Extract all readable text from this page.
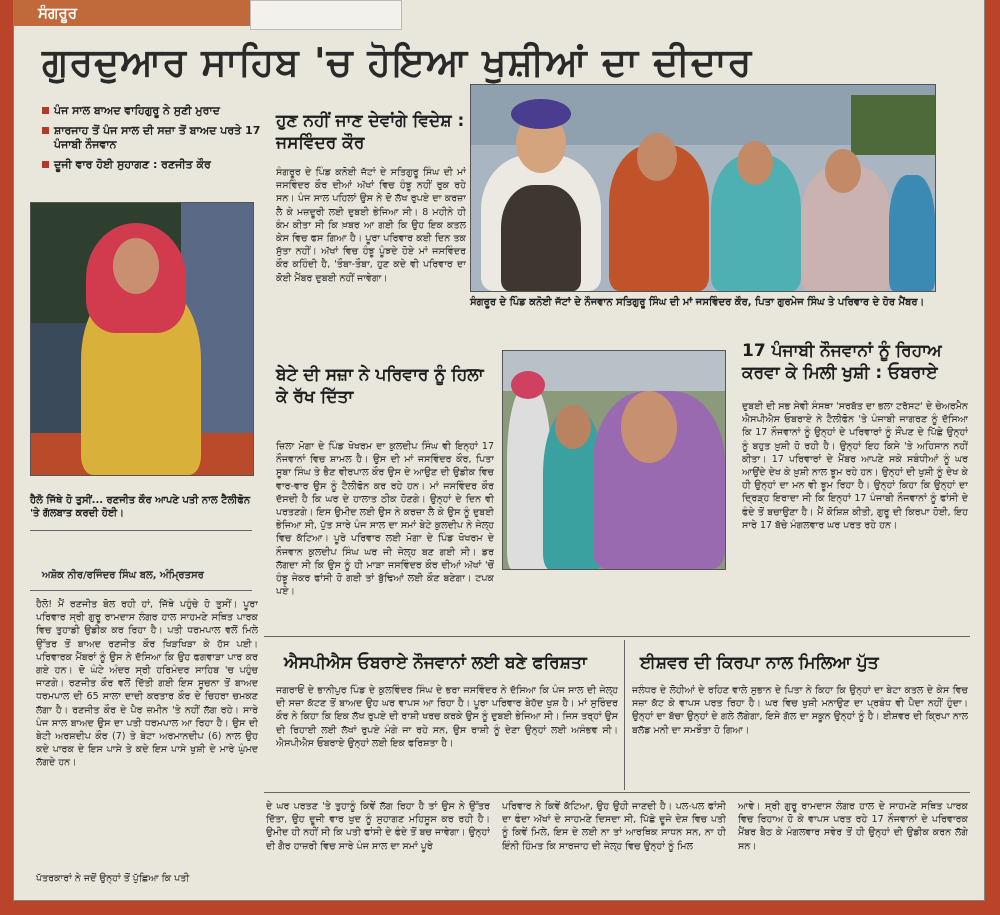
ਸੰਗਰੂਰ
ਗੁਰਦੁਆਰ ਸਾਹਿਬ 'ਚ ਹੋਇਆ ਖੁਸ਼ੀਆਂ ਦਾ ਦੀਦਾਰ
ਪੰਜ ਸਾਲ ਬਾਅਦ ਵਾਹਿਗੁਰੂ ਨੇ ਸੁਣੀ ਮੁਰਾਦ
ਸ਼ਾਰਜਾਹ ਤੋਂ ਪੰਜ ਸਾਲ ਦੀ ਸਜ਼ਾ ਤੋਂ ਬਾਅਦ ਪਰਤੇ 17 ਪੰਜਾਬੀ ਨੌਜਵਾਨ
ਦੂਜੀ ਵਾਰ ਹੋਈ ਸੁਹਾਗਣ : ਰਣਜੀਤ ਕੌਰ
ਹੈਲੋ ਜਿੱਥੇ ਹੋ ਤੁਸੀਂ... ਰਣਜੀਤ ਕੌਰ ਆਪਣੇ ਪਤੀ ਨਾਲ ਟੈਲੀਫੋਨ 'ਤੇ ਗੱਲਬਾਤ ਕਰਦੀ ਹੋਈ।
ਅਸ਼ੋਕ ਨੀਰ/ਰਜਿੰਦਰ ਸਿੰਘ ਬਲ, ਅੰਮ੍ਰਿਤਸਰ
ਹੈਲੋ! ਮੈਂ ਰਣਜੀਤ ਬੋਲ ਰਹੀ ਹਾਂ, ਜਿੱਥੇ ਪਹੁੰਚੇ ਹੋ ਤੁਸੀਂ। ਪੂਰਾ ਪਰਿਵਾਰ ਸ੍ਰੀ ਗੁਰੂ ਰਾਮਦਾਸ ਲੰਗਰ ਹਾਲ ਸਾਹਮਣੇ ਸਥਿਤ ਪਾਰਕ ਵਿਚ ਤੁਹਾਡੀ ਉਡੀਕ ਕਰ ਰਿਹਾ ਹੈ। ਪਤੀ ਧਰਮਪਾਲ ਵਲੋਂ ਮਿਲੇ ਉੱਤਰ ਤੋਂ ਬਾਅਦ ਰਣਜੀਤ ਕੌਰ ਖਿੜਖਿੜਾ ਕੇ ਹੱਸ ਪਈ। ਪਰਿਵਾਰਕ ਮੈਂਬਰਾਂ ਨੂੰ ਉਸ ਨੇ ਦੱਸਿਆ ਕਿ ਉਹ ਫਗਵਾੜਾ ਪਾਰ ਕਰ ਗਏ ਹਨ। ਦੋ ਘੰਟੇ ਅੰਦਰ ਸ੍ਰੀ ਹਰਿਮੰਦਰ ਸਾਹਿਬ 'ਚ ਪਹੁੰਚ ਜਾਣਗੇ। ਰਣਜੀਤ ਕੌਰ ਵਲੋਂ ਦਿੱਤੀ ਗਈ ਇਸ ਸੂਚਨਾ ਤੋਂ ਬਾਅਦ ਧਰਮਪਾਲ ਦੀ 65 ਸਾਲਾ ਦਾਦੀ ਕਰਤਾਰ ਕੌਰ ਦੇ ਚਿਹਰਾ ਚਮਕਣ ਲੱਗਾ ਹੈ। ਰਣਜੀਤ ਕੌਰ ਦੇ ਪੈਰ ਜ਼ਮੀਨ 'ਤੇ ਨਹੀਂ ਲੱਗ ਰਹੇ। ਸਾਰੇ ਪੰਜ ਸਾਲ ਬਾਅਦ ਉਸ ਦਾ ਪਤੀ ਧਰਮਪਾਲ ਆ ਰਿਹਾ ਹੈ। ਉਸ ਦੀ ਬੇਟੀ ਅਰਸ਼ਦੀਪ ਕੌਰ (7) ਤੇ ਬੇਟਾ ਅਰਮਾਨਦੀਪ (6) ਨਾਲ ਉਹ ਕਦੇ ਪਾਰਕ ਦੇ ਇਸ ਪਾਸੇ ਤੇ ਕਦੇ ਇਸ ਪਾਸੇ ਖੁਸ਼ੀ ਦੇ ਮਾਰੇ ਘੁੰਮਦ ਲੱਗਦੇ ਹਨ।
ਪੱਤਰਕਾਰਾਂ ਨੇ ਜਦੋਂ ਉਨ੍ਹਾਂ ਤੋਂ ਪੁੱਛਿਆ ਕਿ ਪਤੀ
ਹੁਣ ਨਹੀਂ ਜਾਣ ਦੇਵਾਂਗੇ ਵਿਦੇਸ਼ : ਜਸਵਿੰਦਰ ਕੌਰ
ਸੰਗਰੂਰ ਦੇ ਪਿੰਡ ਕਨੋਈ ਜੱਟਾਂ ਦੇ ਸਤਿਗੁਰੂ ਸਿੰਘ ਦੀ ਮਾਂ ਜਸਵਿੰਦਰ ਕੌਰ ਦੀਆਂ ਅੱਖਾਂ ਵਿਚ ਹੰਝੂ ਨਹੀਂ ਰੁਕ ਰਹੇ ਸਨ। ਪੰਜ ਸਾਲ ਪਹਿਲਾਂ ਉਸ ਨੇ ਦੋ ਲੱਖ ਰੁਪਏ ਦਾ ਕਰਜ਼ਾ ਲੈ ਕੇ ਮਜ਼ਦੂਰੀ ਲਈ ਦੁਬਈ ਭੇਜਿਆ ਸੀ। 8 ਮਹੀਨੇ ਹੀ ਕੰਮ ਕੀਤਾ ਸੀ ਕਿ ਖ਼ਬਰ ਆ ਗਈ ਕਿ ਉਹ ਇਕ ਕਤਲ ਕੇਸ ਵਿਚ ਫਸ ਗਿਆ ਹੈ। ਪੂਰਾ ਪਰਿਵਾਰ ਕਈ ਦਿਨ ਤਕ ਸੁੱਤਾ ਨਹੀਂ। ਅੱਖਾਂ ਵਿਚ ਹੰਝੂ ਪੂੰਝਦੇ ਹੋਏ ਮਾਂ ਜਸਵਿੰਦਰ ਕੌਰ ਕਹਿੰਦੀ ਹੈ, 'ਤੌਬਾ-ਤੌਬਾ, ਹੁਣ ਕਦੇ ਵੀ ਪਰਿਵਾਰ ਦਾ ਕੋਈ ਮੈਂਬਰ ਦੁਬਈ ਨਹੀਂ ਜਾਵੇਗਾ।
ਸੰਗਰੂਰ ਦੇ ਪਿੰਡ ਕਨੋਈ ਜੱਟਾਂ ਦੇ ਨੌਜਵਾਨ ਸਤਿਗੁਰੂ ਸਿੰਘ ਦੀ ਮਾਂ ਜਸਵਿੰਦਰ ਕੌਰ, ਪਿਤਾ ਗੁਰਮੇਜ ਸਿੰਘ ਤੇ ਪਰਿਵਾਰ ਦੇ ਹੋਰ ਮੈਂਬਰ।
ਬੇਟੇ ਦੀ ਸਜ਼ਾ ਨੇ ਪਰਿਵਾਰ ਨੂੰ ਹਿਲਾ ਕੇ ਰੱਖ ਦਿੱਤਾ
ਜ਼ਿਲਾ ਮੋਗਾ ਦੇ ਪਿੰਡ ਖੋਖਰਮ ਦਾ ਕੁਲਦੀਪ ਸਿੰਘ ਵੀ ਇਨ੍ਹਾਂ 17 ਨੌਜਵਾਨਾਂ ਵਿਚ ਸ਼ਾਮਲ ਹੈ। ਉਸ ਦੀ ਮਾਂ ਜਸਵਿੰਦਰ ਕੌਰ, ਪਿਤਾ ਸੂਬਾ ਸਿੰਘ ਤੇ ਭੈਣ ਵੀਰਪਾਲ ਕੌਰ ਉਸ ਦੇ ਆਉਣ ਦੀ ਉਡੀਕ ਵਿਚ ਵਾਰ-ਵਾਰ ਉਸ ਨੂੰ ਟੈਲੀਫੋਨ ਕਰ ਰਹੇ ਹਨ। ਮਾਂ ਜਸਵਿੰਦਰ ਕੌਰ ਦੱਸਦੀ ਹੈ ਕਿ ਘਰ ਦੇ ਹਾਲਾਤ ਠੀਕ ਹੋਣਗੇ। ਉਨ੍ਹਾਂ ਦੇ ਦਿਨ ਵੀ ਪਰਤਣਗੇ। ਇਸ ਉਮੀਦ ਲਈ ਉਸ ਨੇ ਕਰਜ਼ਾ ਲੈ ਕੇ ਉਸ ਨੂੰ ਦੁਬਈ ਭੇਜਿਆ ਸੀ, ਪੁੱਤ ਸਾਰੇ ਪੰਜ ਸਾਲ ਦਾ ਸਮਾਂ ਬੇਟੇ ਕੁਲਦੀਪ ਨੇ ਜੇਲ੍ਹ ਵਿਚ ਕੱਟਿਆ। ਪੂਰੇ ਪਰਿਵਾਰ ਲਈ ਮੋਗਾ ਦੇ ਪਿੰਡ ਖੋਖਰਮ ਦੇ ਨੌਜਵਾਨ ਕੁਲਦੀਪ ਸਿੰਘ ਘਰ ਜੀ ਜੇਲ੍ਹ ਬਣ ਗਈ ਸੀ। ਡਰ ਲੱਗਦਾ ਸੀ ਕਿ ਉਸ ਨੂੰ ਹੀ ਮਾੜਾ ਜਸਵਿੰਦਰ ਕੌਰ ਦੀਆਂ ਅੱਖਾਂ 'ਚੋਂ ਹੰਝੂ ਜੇਕਰ ਫਾਂਸੀ ਹੋ ਗਈ ਤਾਂ ਬੁੱਢਿਆਂ ਲਈ ਕੌਣ ਬਣੇਗਾ। ਟਪਕ ਪਏ।
17 ਪੰਜਾਬੀ ਨੌਜਵਾਨਾਂ ਨੂੰ ਰਿਹਾਅ ਕਰਵਾ ਕੇ ਮਿਲੀ ਖੁਸ਼ੀ : ਓਬਰਾਏ
ਦੁਬਈ ਦੀ ਸਭ ਸੇਵੀ ਸੰਸਥਾ 'ਸਰਬੱਤ ਦਾ ਭਲਾ ਟਰੱਸਟ' ਦੇ ਚੇਅਰਮੈਨ ਐਸਪੀਐਸ ਓਬਰਾਏ ਨੇ ਟੈਲੀਫੋਨ 'ਤੇ ਪੰਜਾਬੀ ਜਾਗਰਣ ਨੂੰ ਦੱਸਿਆ ਕਿ 17 ਨੌਜਵਾਨਾਂ ਨੂੰ ਉਨ੍ਹਾਂ ਦੇ ਪਰਿਵਾਰਾਂ ਨੂੰ ਸੌਂਪਣ ਦੇ ਪਿੱਛੇ ਉਨ੍ਹਾਂ ਨੂੰ ਬਹੁਤ ਖ਼ੁਸ਼ੀ ਹੋ ਰਹੀ ਹੈ। ਉਨ੍ਹਾਂ ਇਹ ਕਿਸੇ 'ਤੇ ਅਹਿਸਾਨ ਨਹੀਂ ਕੀਤਾ। 17 ਪਰਿਵਾਰਾਂ ਦੇ ਮੈਂਬਰ ਆਪਣੇ ਸਕੇ ਸਬੰਧੀਆਂ ਨੂੰ ਘਰ ਆਉਂਦੇ ਦੇਖ ਕੇ ਖ਼ੁਸ਼ੀ ਨਾਲ ਝੂਮ ਰਹੇ ਹਨ। ਉਨ੍ਹਾਂ ਦੀ ਖੁਸ਼ੀ ਨੂੰ ਦੇਖ ਕੇ ਹੀ ਉਨ੍ਹਾਂ ਦਾ ਮਨ ਵੀ ਝੂਮ ਰਿਹਾ ਹੈ। ਉਨ੍ਹਾਂ ਕਿਹਾ ਕਿ ਉਨ੍ਹਾਂ ਦਾ ਦ੍ਰਿੜ੍ਹ ਇਰਾਦਾ ਸੀ ਕਿ ਇਨ੍ਹਾਂ 17 ਪੰਜਾਬੀ ਨੌਜਵਾਨਾਂ ਨੂੰ ਫਾਂਸੀ ਦੇ ਫੰਦੇ ਤੋਂ ਬਚਾਉਣਾ ਹੈ। ਮੈਂ ਕੋਸ਼ਿਸ਼ ਕੀਤੀ, ਗੁਰੂ ਦੀ ਕਿਰਪਾ ਹੋਈ, ਇਹ ਸਾਰੇ 17 ਬੱਚੇ ਮੰਗਲਵਾਰ ਘਰ ਪਰਤ ਰਹੇ ਹਨ।
ਐਸਪੀਐਸ ਓਬਰਾਏ ਨੌਜਵਾਨਾਂ ਲਈ ਬਣੇ ਫਰਿਸ਼ਤਾ
ਜਗਰਾਓਂ ਦੇ ਭਾਨੀਪੁਰ ਪਿੰਡ ਦੇ ਕੁਲਵਿੰਦਰ ਸਿੰਘ ਦੇ ਭਰਾ ਜਸਵਿੰਦਰ ਨੇ ਦੱਸਿਆ ਕਿ ਪੰਜ ਸਾਲ ਦੀ ਜੇਲ੍ਹ ਦੀ ਸਜ਼ਾ ਕੱਟਣ ਤੋਂ ਬਾਅਦ ਉਹ ਘਰ ਵਾਪਸ ਆ ਰਿਹਾ ਹੈ। ਪੂਰਾ ਪਰਿਵਾਰ ਬੇਹੱਦ ਖੁਸ਼ ਹੈ। ਮਾਂ ਸੁਰਿੰਦਰ ਕੌਰ ਨੇ ਕਿਹਾ ਕਿ ਇਕ ਲੱਖ ਰੁਪਏ ਦੀ ਰਾਸ਼ੀ ਖਰਚ ਕਰਕੇ ਉਸ ਨੂੰ ਦੁਬਈ ਭੇਜਿਆ ਸੀ। ਜਿਸ ਤਰ੍ਹਾਂ ਉਸ ਦੀ ਰਿਹਾਈ ਲਈ ਲੱਖਾਂ ਰੁਪਏ ਮੰਗੇ ਜਾ ਰਹੇ ਸਨ, ਉਸ ਰਾਸ਼ੀ ਨੂੰ ਦੇਣਾ ਉਨ੍ਹਾਂ ਲਈ ਅਸੰਭਵ ਸੀ। ਐਸਪੀਐਸ ਓਬਰਾਏ ਉਨ੍ਹਾਂ ਲਈ ਇਕ ਫਰਿਸ਼ਤਾ ਹੈ।
ਈਸ਼ਵਰ ਦੀ ਕਿਰਪਾ ਨਾਲ ਮਿਲਿਆ ਪੁੱਤ
ਜਲੰਧਰ ਦੇ ਲੋਹੀਆਂ ਦੇ ਰਹਿਣ ਵਾਲੇ ਸੁਭਾਨ ਦੇ ਪਿਤਾ ਨੇ ਕਿਹਾ ਕਿ ਉਨ੍ਹਾਂ ਦਾ ਬੇਟਾ ਕਤਲ ਦੇ ਕੇਸ ਵਿਚ ਸਜ਼ਾ ਕੱਟ ਕੇ ਵਾਪਸ ਪਰਤ ਰਿਹਾ ਹੈ। ਘਰ ਵਿਚ ਖੁਸ਼ੀ ਮਨਾਉਣ ਦਾ ਪ੍ਰਬੰਧ ਵੀ ਪੈਦਾ ਨਹੀਂ ਹੁੰਦਾ। ਉਨ੍ਹਾਂ ਦਾ ਬੱਚਾ ਉਨ੍ਹਾਂ ਦੇ ਗਲੇ ਲੱਗੇਗਾ, ਇਸੇ ਗੱਲ ਦਾ ਸਕੂਨ ਉਨ੍ਹਾਂ ਨੂੰ ਹੈ। ਈਸ਼ਵਰ ਦੀ ਕ੍ਰਿਪਾ ਨਾਲ ਬਲੱਡ ਮਨੀ ਦਾ ਸਮਝੌਤਾ ਹੋ ਗਿਆ।
ਦੇ ਘਰ ਪਰਤਣ 'ਤੇ ਤੁਹਾਨੂੰ ਕਿਵੇਂ ਲੱਗ ਰਿਹਾ ਹੈ ਤਾਂ ਉਸ ਨੇ ਉੱਤਰ ਦਿੱਤਾ, ਉਹ ਦੂਜੀ ਵਾਰ ਖੁਦ ਨੂੰ ਸੁਹਾਗਣ ਮਹਿਸੂਸ ਕਰ ਰਹੀ ਹੈ। ਉਮੀਦ ਹੀ ਨਹੀਂ ਸੀ ਕਿ ਪਤੀ ਫਾਂਸੀ ਦੇ ਫੰਦੇ ਤੋਂ ਬਚ ਜਾਵੇਗਾ। ਉਨ੍ਹਾਂ ਦੀ ਗੈਰ ਹਾਜ਼ਰੀ ਵਿਚ ਸਾਰੇ ਪੰਜ ਸਾਲ ਦਾ ਸਮਾਂ ਪੂਰੇ
ਪਰਿਵਾਰ ਨੇ ਕਿਵੇਂ ਕੱਟਿਆ, ਉਹ ਉਹੀ ਜਾਣਦੀ ਹੈ। ਪਲ-ਪਲ ਫਾਂਸੀ ਦਾ ਫੰਦਾ ਅੱਖਾਂ ਦੇ ਸਾਹਮਣੇ ਦਿਸਦਾ ਸੀ, ਪਿੱਛੇ ਦੂਜੇ ਦੇਸ਼ ਵਿਚ ਪਤੀ ਨੂੰ ਕਿਵੇਂ ਮਿਲੇ, ਇਸ ਦੇ ਲਈ ਨਾ ਤਾਂ ਆਰਥਿਕ ਸਾਧਨ ਸਨ, ਨਾ ਹੀ ਇੰਨੀ ਹਿੰਮਤ ਕਿ ਸਾਰਜਾਹ ਦੀ ਜੇਲ੍ਹ ਵਿਚ ਉਨ੍ਹਾਂ ਨੂੰ ਮਿਲ
ਆਵੇ। ਸ੍ਰੀ ਗੁਰੂ ਰਾਮਦਾਸ ਲੰਗਰ ਹਾਲ ਦੇ ਸਾਹਮਣੇ ਸਥਿਤ ਪਾਰਕ ਵਿਚ ਰਿਹਾਅ ਹੋ ਕੇ ਵਾਪਸ ਪਰਤ ਰਹੇ 17 ਨੌਜਵਾਨਾਂ ਦੇ ਪਰਿਵਾਰਕ ਮੈਂਬਰ ਬੈਠ ਕੇ ਮੰਗਲਵਾਰ ਸਵੇਰ ਤੋਂ ਹੀ ਉਨ੍ਹਾਂ ਦੀ ਉਡੀਕ ਕਰਨ ਲੱਗੇ ਸਨ।
